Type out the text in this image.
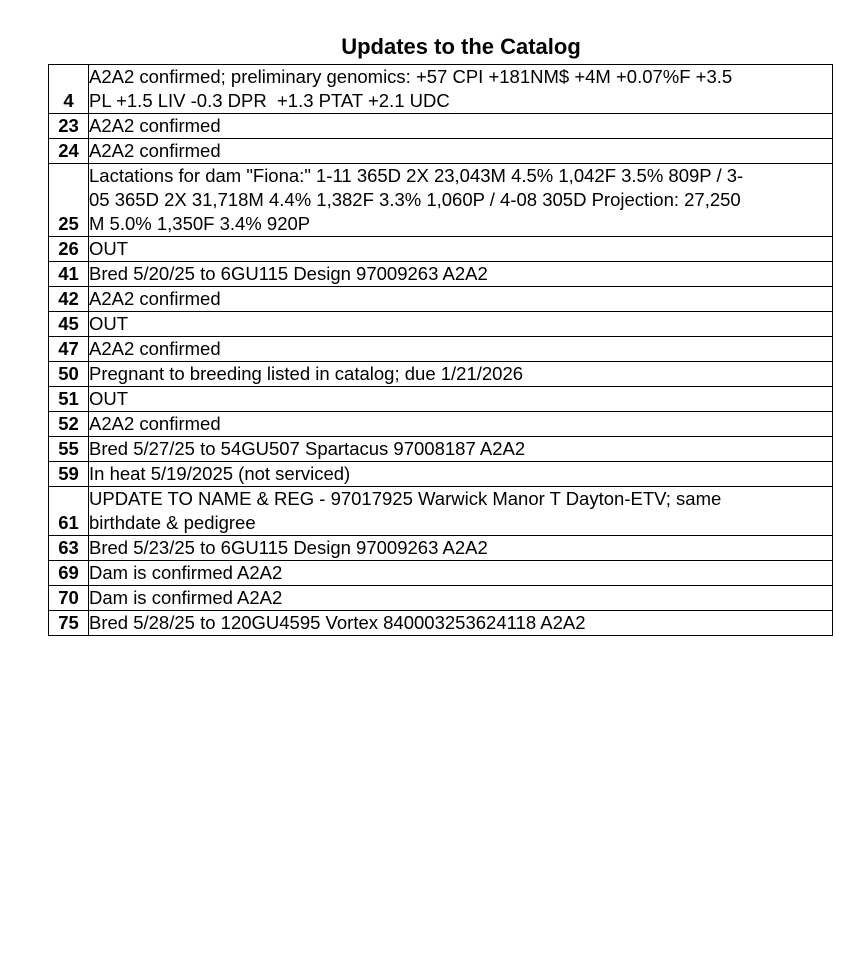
Updates to the Catalog
4	A2A2 confirmed; preliminary genomics: +57 CPI +181NM$ +4M +0.07%F +3.5
PL +1.5 LIV -0.3 DPR  +1.3 PTAT +2.1 UDC
23	A2A2 confirmed
24	A2A2 confirmed
25	Lactations for dam "Fiona:" 1-11 365D 2X 23,043M 4.5% 1,042F 3.5% 809P / 3-
05 365D 2X 31,718M 4.4% 1,382F 3.3% 1,060P / 4-08 305D Projection: 27,250
M 5.0% 1,350F 3.4% 920P
26	OUT
41	Bred 5/20/25 to 6GU115 Design 97009263 A2A2
42	A2A2 confirmed
45	OUT
47	A2A2 confirmed
50	Pregnant to breeding listed in catalog; due 1/21/2026
51	OUT
52	A2A2 confirmed
55	Bred 5/27/25 to 54GU507 Spartacus 97008187 A2A2
59	In heat 5/19/2025 (not serviced)
61	UPDATE TO NAME & REG - 97017925 Warwick Manor T Dayton-ETV; same
birthdate & pedigree
63	Bred 5/23/25 to 6GU115 Design 97009263 A2A2
69	Dam is confirmed A2A2
70	Dam is confirmed A2A2
75	Bred 5/28/25 to 120GU4595 Vortex 840003253624118 A2A2
